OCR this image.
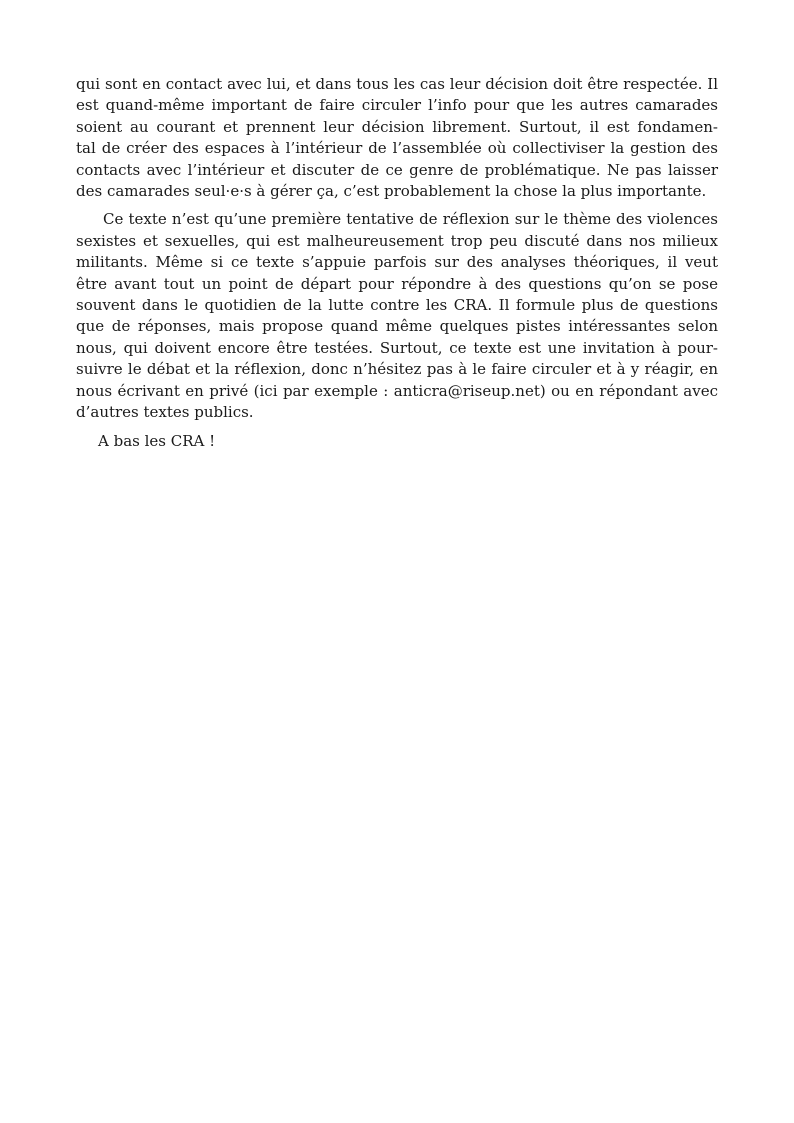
qui sont en contact avec lui, et dans tous les cas leur décision doit être respectée. Il
est quand-même important de faire circuler l’info pour que les autres camarades
soient au courant et prennent leur décision librement. Surtout, il est fondamen-
tal de créer des espaces à l’intérieur de l’assemblée où collectiviser la gestion des
contacts avec l’intérieur et discuter de ce genre de problématique. Ne pas laisser
des camarades seul·e·s à gérer ça, c’est probablement la chose la plus importante.
Ce texte n’est qu’une première tentative de réflexion sur le thème des violences
sexistes et sexuelles, qui est malheureusement trop peu discuté dans nos milieux
militants. Même si ce texte s’appuie parfois sur des analyses théoriques, il veut
être avant tout un point de départ pour répondre à des questions qu’on se pose
souvent dans le quotidien de la lutte contre les CRA. Il formule plus de questions
que de réponses, mais propose quand même quelques pistes intéressantes selon
nous, qui doivent encore être testées. Surtout, ce texte est une invitation à pour-
suivre le débat et la réflexion, donc n’hésitez pas à le faire circuler et à y réagir, en
nous écrivant en privé (ici par exemple : anticra@riseup.net) ou en répondant avec
d’autres textes publics.
A bas les CRA !
